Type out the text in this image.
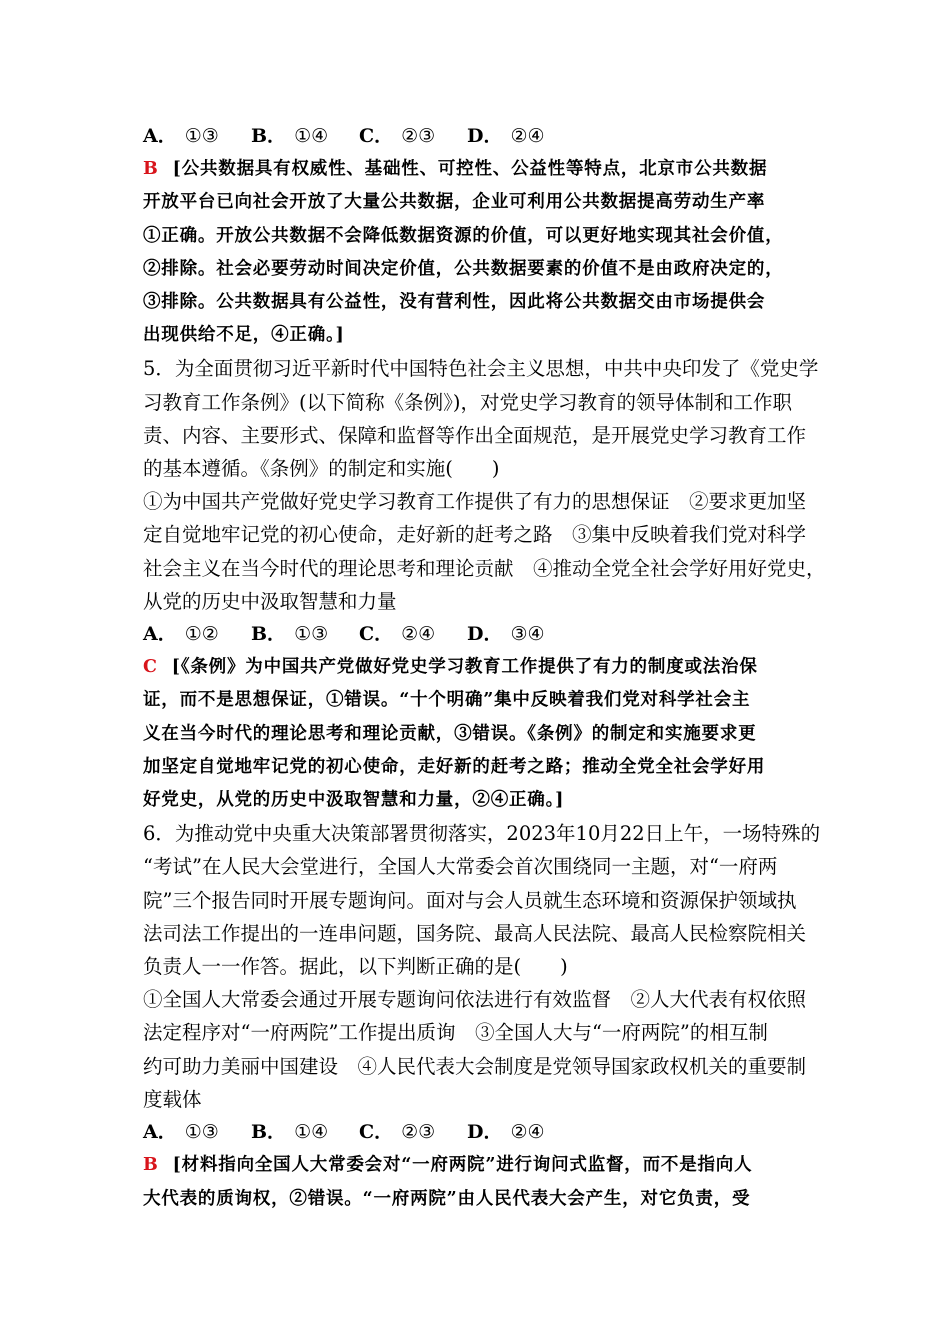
A． ①③	B． ①④	C． ②③	D． ②④
B [公共数据具有权威性、基础性、可控性、公益性等特点，北京市公共数据
开放平台已向社会开放了大量公共数据，企业可利用公共数据提高劳动生产率
①正确。开放公共数据不会降低数据资源的价值，可以更好地实现其社会价值，
②排除。社会必要劳动时间决定价值，公共数据要素的价值不是由政府决定的，
③排除。公共数据具有公益性，没有营利性，因此将公共数据交由市场提供会
出现供给不足，④正确。]
5．为全面贯彻习近平新时代中国特色社会主义思想，中共中央印发了《党史学
习教育工作条例》(以下简称《条例》)，对党史学习教育的领导体制和工作职
责、内容、主要形式、保障和监督等作出全面规范，是开展党史学习教育工作
的基本遵循。《条例》的制定和实施(　　)
①为中国共产党做好党史学习教育工作提供了有力的思想保证　②要求更加坚
定自觉地牢记党的初心使命，走好新的赶考之路　③集中反映着我们党对科学
社会主义在当今时代的理论思考和理论贡献　④推动全党全社会学好用好党史，
从党的历史中汲取智慧和力量
A． ①②	B． ①③	C． ②④	D． ③④
C [《条例》为中国共产党做好党史学习教育工作提供了有力的制度或法治保
证，而不是思想保证，①错误。“十个明确”集中反映着我们党对科学社会主
义在当今时代的理论思考和理论贡献，③错误。《条例》的制定和实施要求更
加坚定自觉地牢记党的初心使命，走好新的赶考之路；推动全党全社会学好用
好党史，从党的历史中汲取智慧和力量，②④正确。]
6．为推动党中央重大决策部署贯彻落实，2023年10月22日上午，一场特殊的
“考试”在人民大会堂进行，全国人大常委会首次围绕同一主题，对“一府两
院”三个报告同时开展专题询问。面对与会人员就生态环境和资源保护领域执
法司法工作提出的一连串问题，国务院、最高人民法院、最高人民检察院相关
负责人一一作答。据此，以下判断正确的是(　　)
①全国人大常委会通过开展专题询问依法进行有效监督　②人大代表有权依照
法定程序对“一府两院”工作提出质询　③全国人大与“一府两院”的相互制
约可助力美丽中国建设　④人民代表大会制度是党领导国家政权机关的重要制
度载体
A． ①③	B． ①④	C． ②③	D． ②④
B [材料指向全国人大常委会对“一府两院”进行询问式监督，而不是指向人
大代表的质询权，②错误。“一府两院”由人民代表大会产生，对它负责，受
